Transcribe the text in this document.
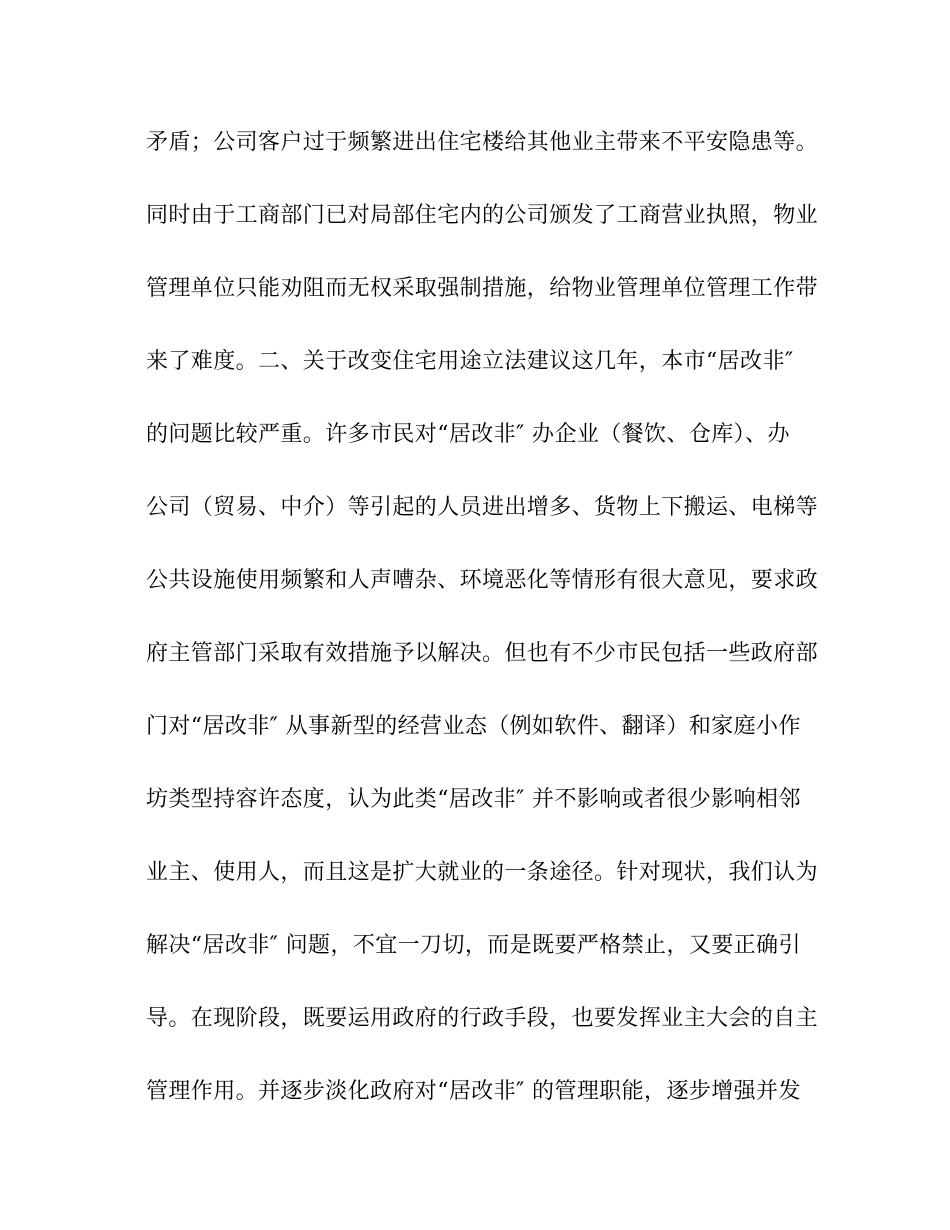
矛盾；公司客户过于频繁进出住宅楼给其他业主带来不平安隐患等。
同时由于工商部门已对局部住宅内的公司颁发了工商营业执照，物业
管理单位只能劝阻而无权采取强制措施，给物业管理单位管理工作带
来了难度。二、关于改变住宅用途立法建议这几年，本市“居改非″
的问题比较严重。许多市民对“居改非″ 办企业（餐饮、仓库）、办
公司（贸易、中介）等引起的人员进出增多、货物上下搬运、电梯等
公共设施使用频繁和人声嘈杂、环境恶化等情形有很大意见，要求政
府主管部门采取有效措施予以解决。但也有不少市民包括一些政府部
门对“居改非″ 从事新型的经营业态（例如软件、翻译）和家庭小作
坊类型持容许态度，认为此类“居改非″ 并不影响或者很少影响相邻
业主、使用人，而且这是扩大就业的一条途径。针对现状，我们认为
解决“居改非″ 问题，不宜一刀切，而是既要严格禁止，又要正确引
导。在现阶段，既要运用政府的行政手段，也要发挥业主大会的自主
管理作用。并逐步淡化政府对“居改非″ 的管理职能，逐步增强并发
